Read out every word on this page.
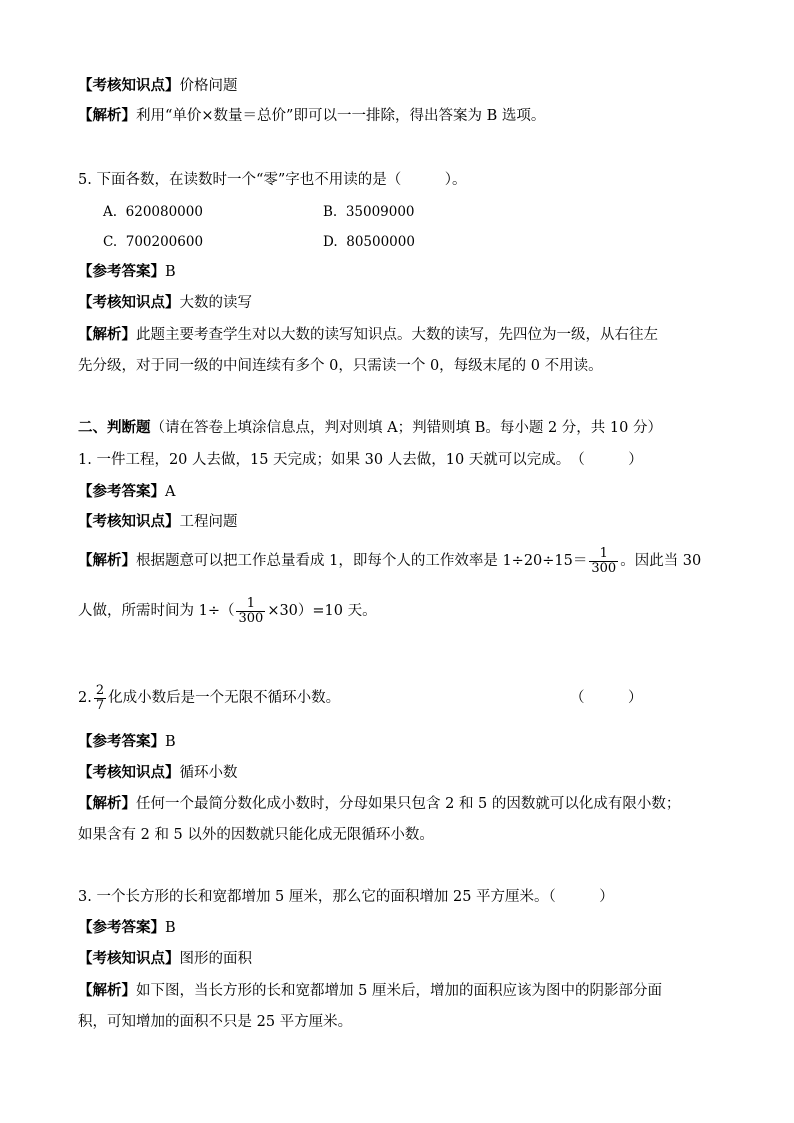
【考核知识点】价格问题
【解析】利用“单价×数量＝总价”即可以一一排除，得出答案为 B 选项。
5. 下面各数，在读数时一个“零”字也不用读的是（　　　）。
A. 620080000	B. 35009000
C. 700200600	D. 80500000
【参考答案】B
【考核知识点】大数的读写
【解析】此题主要考查学生对以大数的读写知识点。大数的读写，先四位为一级，从右往左
先分级，对于同一级的中间连续有多个 0，只需读一个 0，每级末尾的 0 不用读。
二、判断题（请在答卷上填涂信息点，判对则填 A；判错则填 B。每小题 2 分，共 10 分）
1. 一件工程，20 人去做，15 天完成；如果 30 人去做，10 天就可以完成。　（　　　）
【参考答案】A
【考核知识点】工程问题
【解析】根据题意可以把工作总量看成 1，即每个人的工作效率是 $1\div 20\div 15= \frac{1}{300}$ 。因此当 30
人做，所需时间为 $1\div( \frac{1}{300} \times 30)=10$ 天。
2. $\frac{2}{7}$ 化成小数后是一个无限不循环小数。	（　　　）
【参考答案】B
【考核知识点】循环小数
【解析】任何一个最简分数化成小数时，分母如果只包含 2 和 5 的因数就可以化成有限小数；
如果含有 2 和 5 以外的因数就只能化成无限循环小数。
3. 一个长方形的长和宽都增加 5 厘米，那么它的面积增加 25 平方厘米。（　　　）
【参考答案】B
【考核知识点】图形的面积
【解析】如下图，当长方形的长和宽都增加 5 厘米后，增加的面积应该为图中的阴影部分面
积，可知增加的面积不只是 25 平方厘米。
